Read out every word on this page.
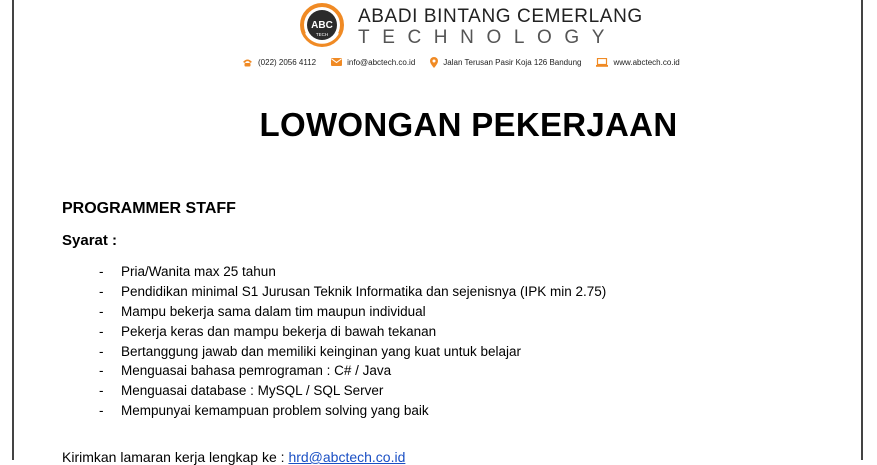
ABC
TECH
ABADI BINTANG CEMERLANG
TECHNOLOGY
(022) 2056 4112	info@abctech.co.id	Jalan Terusan Pasir Koja 126 Bandung	www.abctech.co.id
LOWONGAN PEKERJAAN
PROGRAMMER STAFF
Syarat :
-	Pria/Wanita max 25 tahun
-	Pendidikan minimal S1 Jurusan Teknik Informatika dan sejenisnya (IPK min 2.75)
-	Mampu bekerja sama dalam tim maupun individual
-	Pekerja keras dan mampu bekerja di bawah tekanan
-	Bertanggung jawab dan memiliki keinginan yang kuat untuk belajar
-	Menguasai bahasa pemrograman : C# / Java
-	Menguasai database : MySQL / SQL Server
-	Mempunyai kemampuan problem solving yang baik
Kirimkan lamaran kerja lengkap ke : hrd@abctech.co.id
